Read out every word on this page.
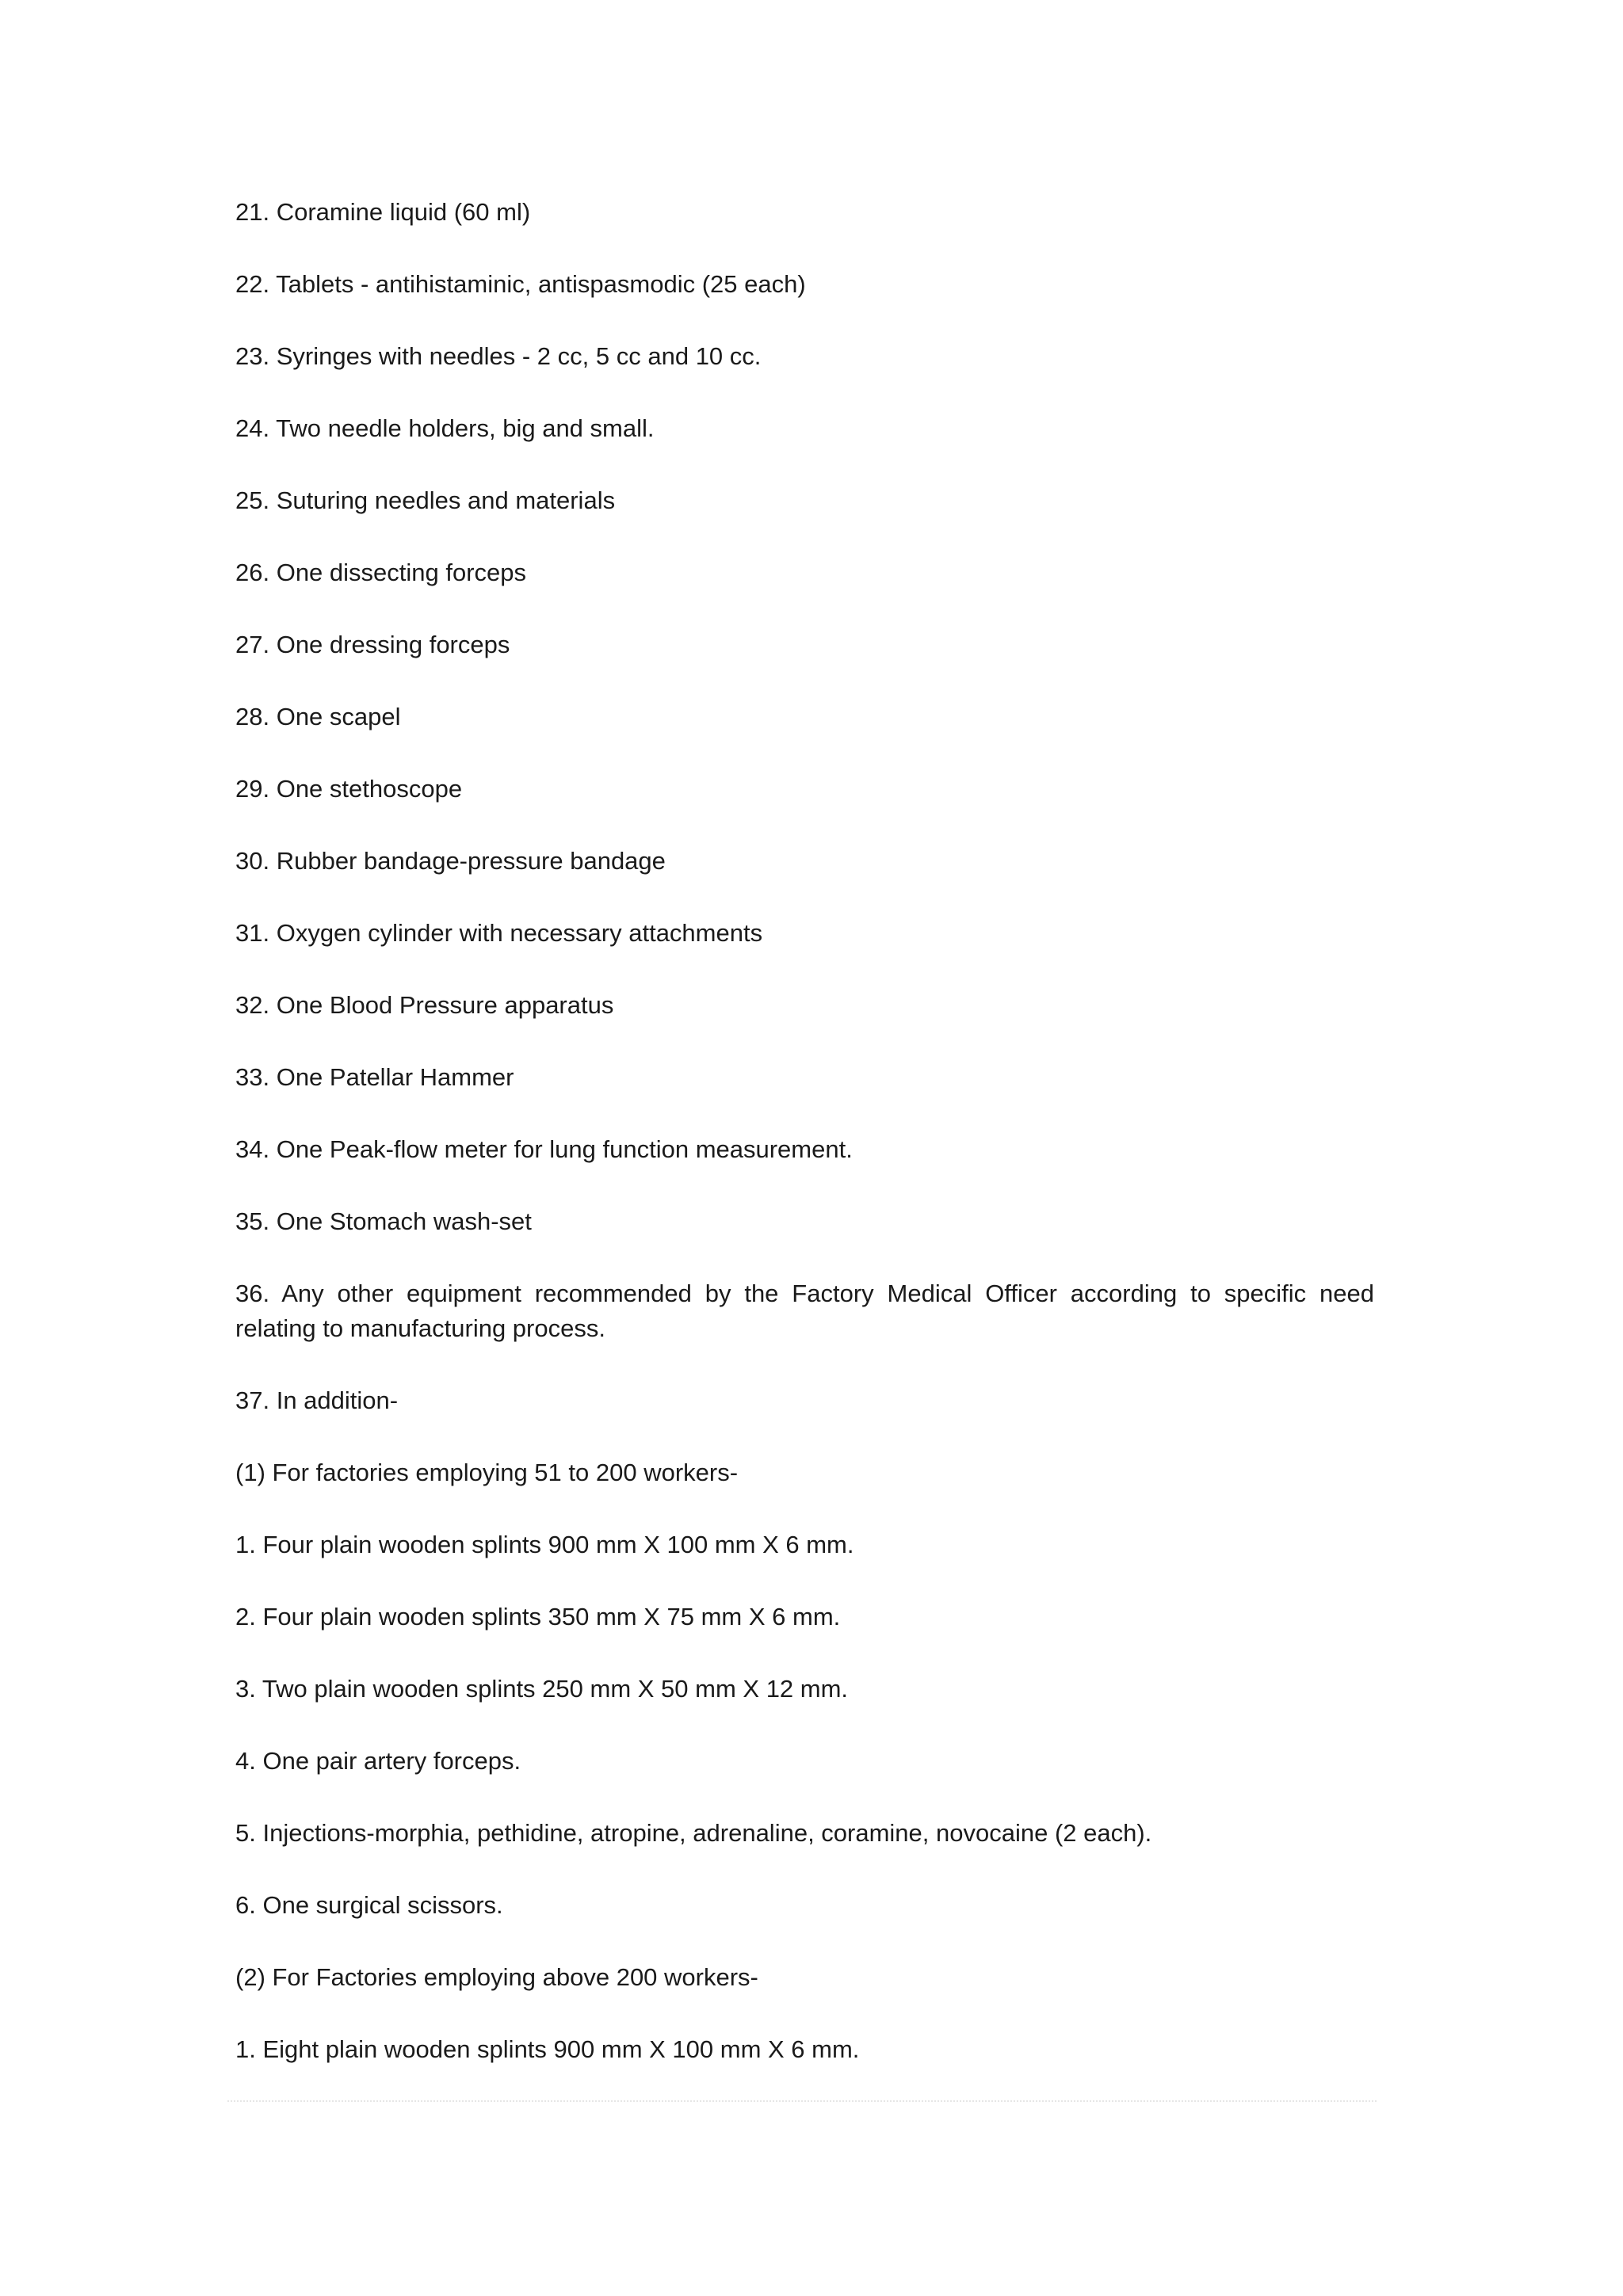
21. Coramine liquid (60 ml)

22. Tablets - antihistaminic, antispasmodic (25 each)

23. Syringes with needles - 2 cc, 5 cc and 10 cc.

24. Two needle holders, big and small.

25. Suturing needles and materials

26. One dissecting forceps

27. One dressing forceps

28. One scapel

29. One stethoscope

30. Rubber bandage-pressure bandage

31. Oxygen cylinder with necessary attachments

32. One Blood Pressure apparatus

33. One Patellar Hammer

34. One Peak-flow meter for lung function measurement.

35. One Stomach wash-set

36. Any other equipment recommended by the Factory Medical Officer according to specific need relating to manufacturing process.

37. In addition-

(1) For factories employing 51 to 200 workers-

1. Four plain wooden splints 900 mm X 100 mm X 6 mm.

2. Four plain wooden splints 350 mm X 75 mm X 6 mm.

3. Two plain wooden splints 250 mm X 50 mm X 12 mm.

4. One pair artery forceps.

5. Injections-morphia, pethidine, atropine, adrenaline, coramine, novocaine (2 each).

6. One surgical scissors.

(2) For Factories employing above 200 workers-

1. Eight plain wooden splints 900 mm X 100 mm X 6 mm.
